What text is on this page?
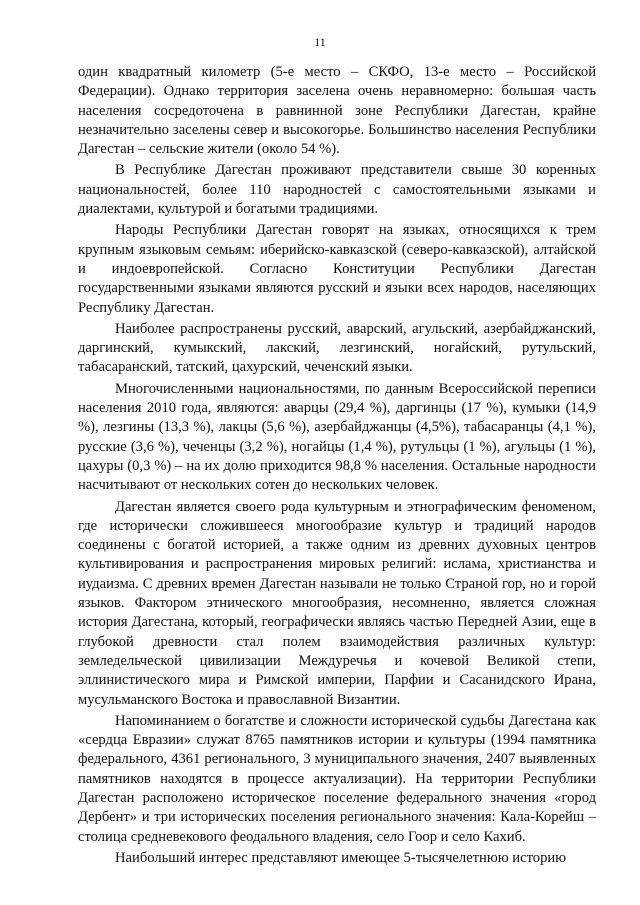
11

один квадратный километр (5-е место – СКФО, 13-е место – Российской Федерации). Однако территория заселена очень неравномерно: большая часть населения сосредоточена в равнинной зоне Республики Дагестан, крайне незначительно заселены север и высокогорье. Большинство населения Республики Дагестан – сельские жители (около 54 %).

В Республике Дагестан проживают представители свыше 30 коренных национальностей, более 110 народностей с самостоятельными языками и диалектами, культурой и богатыми традициями.

Народы Республики Дагестан говорят на языках, относящихся к трем крупным языковым семьям: иберийско-кавказской (северо-кавказской), алтайской и индоевропейской. Согласно Конституции Республики Дагестан государственными языками являются русский и языки всех народов, населяющих Республику Дагестан.

Наиболее распространены русский, аварский, агульский, азербайджанский, даргинский, кумыкский, лакский, лезгинский, ногайский, рутульский, табасаранский, татский, цахурский, чеченский языки.

Многочисленными национальностями, по данным Всероссийской переписи населения 2010 года, являются: аварцы (29,4 %), даргинцы (17 %), кумыки (14,9 %), лезгины (13,3 %), лакцы (5,6 %), азербайджанцы (4,5%), табасаранцы (4,1 %), русские (3,6 %), чеченцы (3,2 %), ногайцы (1,4 %), рутульцы (1 %), агульцы (1 %), цахуры (0,3 %) – на их долю приходится 98,8 % населения. Остальные народности насчитывают от нескольких сотен до нескольких человек.

Дагестан является своего рода культурным и этнографическим феноменом, где исторически сложившееся многообразие культур и традиций народов соединены с богатой историей, а также одним из древних духовных центров культивирования и распространения мировых религий: ислама, христианства и иудаизма. С древних времен Дагестан называли не только Страной гор, но и горой языков. Фактором этнического многообразия, несомненно, является сложная история Дагестана, который, географически являясь частью Передней Азии, еще в глубокой древности стал полем взаимодействия различных культур: земледельческой цивилизации Междуречья и кочевой Великой степи, эллинистического мира и Римской империи, Парфии и Сасанидского Ирана, мусульманского Востока и православной Византии.

Напоминанием о богатстве и сложности исторической судьбы Дагестана как «сердца Евразии» служат 8765 памятников истории и культуры (1994 памятника федерального, 4361 регионального, 3 муниципального значения, 2407 выявленных памятников находятся в процессе актуализации). На территории Республики Дагестан расположено историческое поселение федерального значения «город Дербент» и три исторических поселения регионального значения: Кала-Корейш – столица средневекового феодального владения, село Гоор и село Кахиб.

Наибольший интерес представляют имеющее 5-тысячелетнюю историю
